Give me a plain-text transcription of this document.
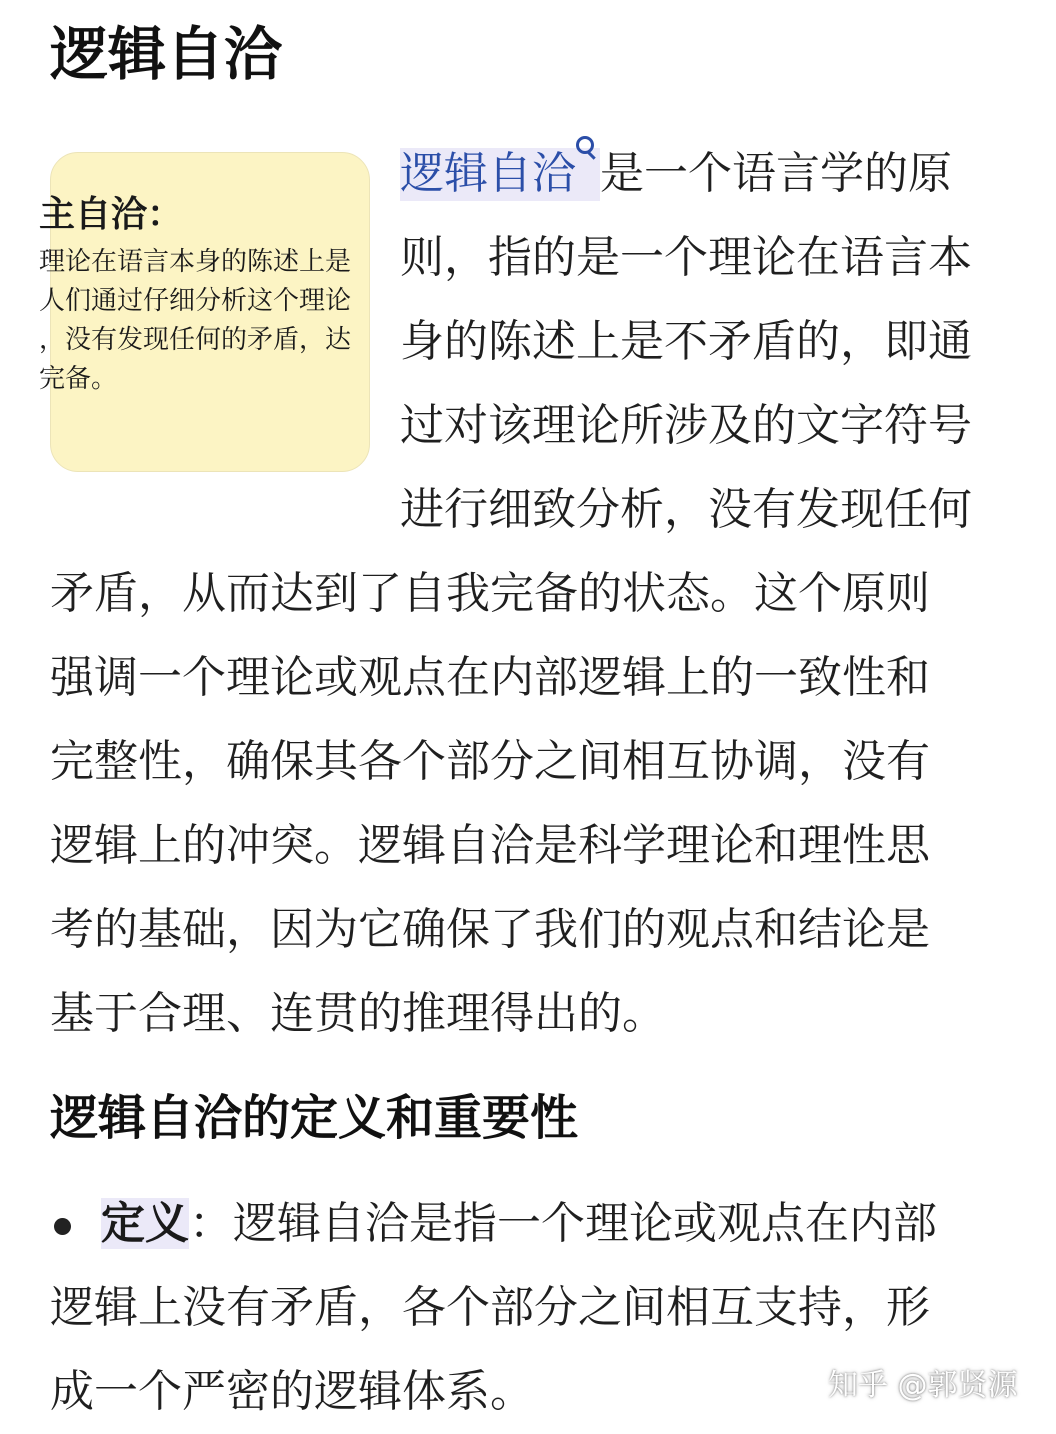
逻辑自洽
主自洽：
理论在语言本身的陈述上是
人们通过仔细分析这个理论
，没有发现任何的矛盾，达
完备。
逻辑自洽 是一个语言学的原
则，指的是一个理论在语言本
身的陈述上是不矛盾的，即通
过对该理论所涉及的文字符号
进行细致分析，没有发现任何
矛盾，从而达到了自我完备的状态。这个原则
强调一个理论或观点在内部逻辑上的一致性和
完整性，确保其各个部分之间相互协调，没有
逻辑上的冲突。逻辑自洽是科学理论和理性思
考的基础，因为它确保了我们的观点和结论是
基于合理、连贯的推理得出的。
逻辑自洽的定义和重要性
定义：逻辑自洽是指一个理论或观点在内部
逻辑上没有矛盾，各个部分之间相互支持，形
成一个严密的逻辑体系。	知乎 @郭贤源
